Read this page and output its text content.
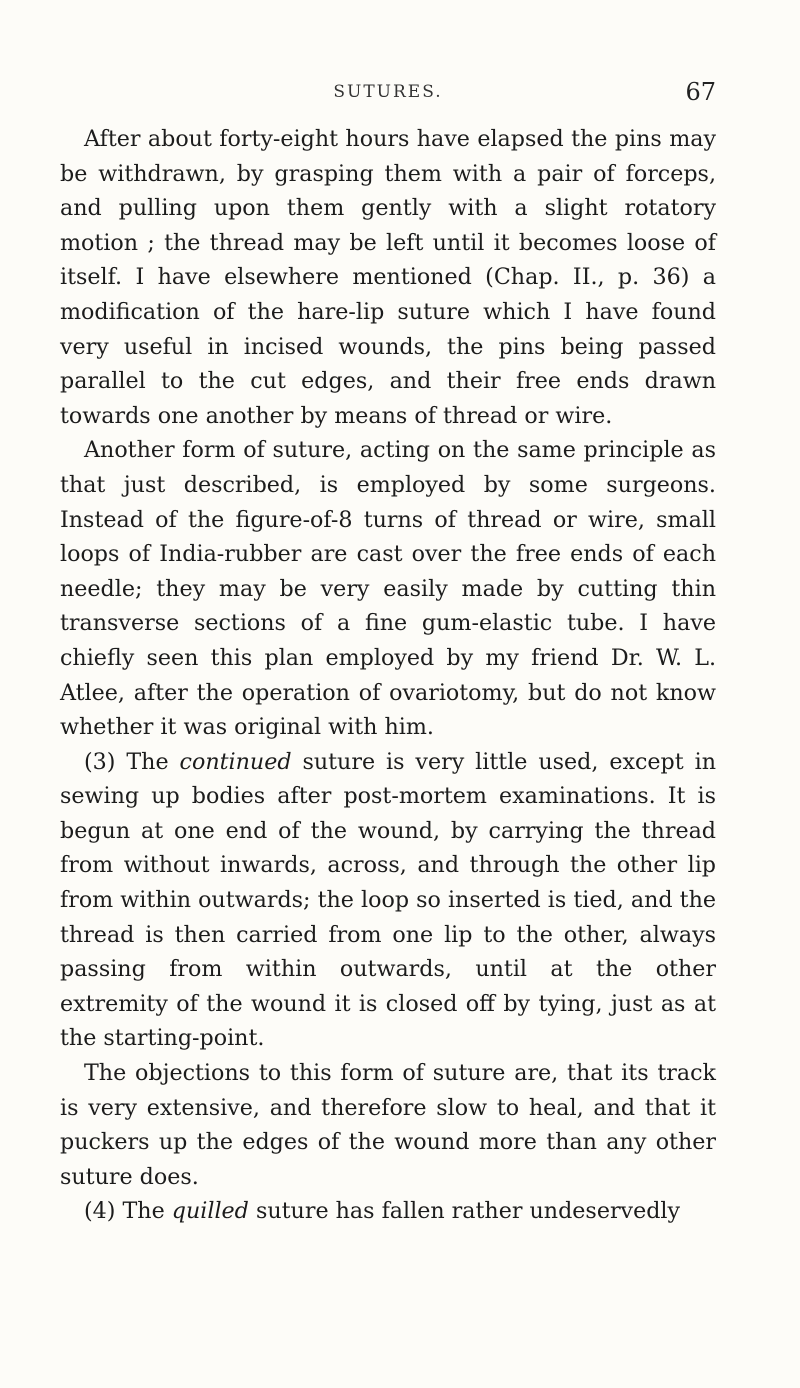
SUTURES.	67

After about forty-eight hours have elapsed the pins may be withdrawn, by grasping them with a pair of forceps, and pulling upon them gently with a slight rotatory motion ; the thread may be left until it becomes loose of itself. I have elsewhere mentioned (Chap. II., p. 36) a modification of the hare-lip suture which I have found very useful in incised wounds, the pins being passed parallel to the cut edges, and their free ends drawn towards one another by means of thread or wire.

Another form of suture, acting on the same principle as that just described, is employed by some surgeons. Instead of the figure-of-8 turns of thread or wire, small loops of India-rubber are cast over the free ends of each needle; they may be very easily made by cutting thin transverse sections of a fine gum-elastic tube. I have chiefly seen this plan employed by my friend Dr. W. L. Atlee, after the operation of ovariotomy, but do not know whether it was original with him.

(3) The continued suture is very little used, except in sewing up bodies after post-mortem examinations. It is begun at one end of the wound, by carrying the thread from without inwards, across, and through the other lip from within outwards; the loop so inserted is tied, and the thread is then carried from one lip to the other, always passing from within outwards, until at the other extremity of the wound it is closed off by tying, just as at the starting-point.

The objections to this form of suture are, that its track is very extensive, and therefore slow to heal, and that it puckers up the edges of the wound more than any other suture does.

(4) The quilled suture has fallen rather undeservedly
